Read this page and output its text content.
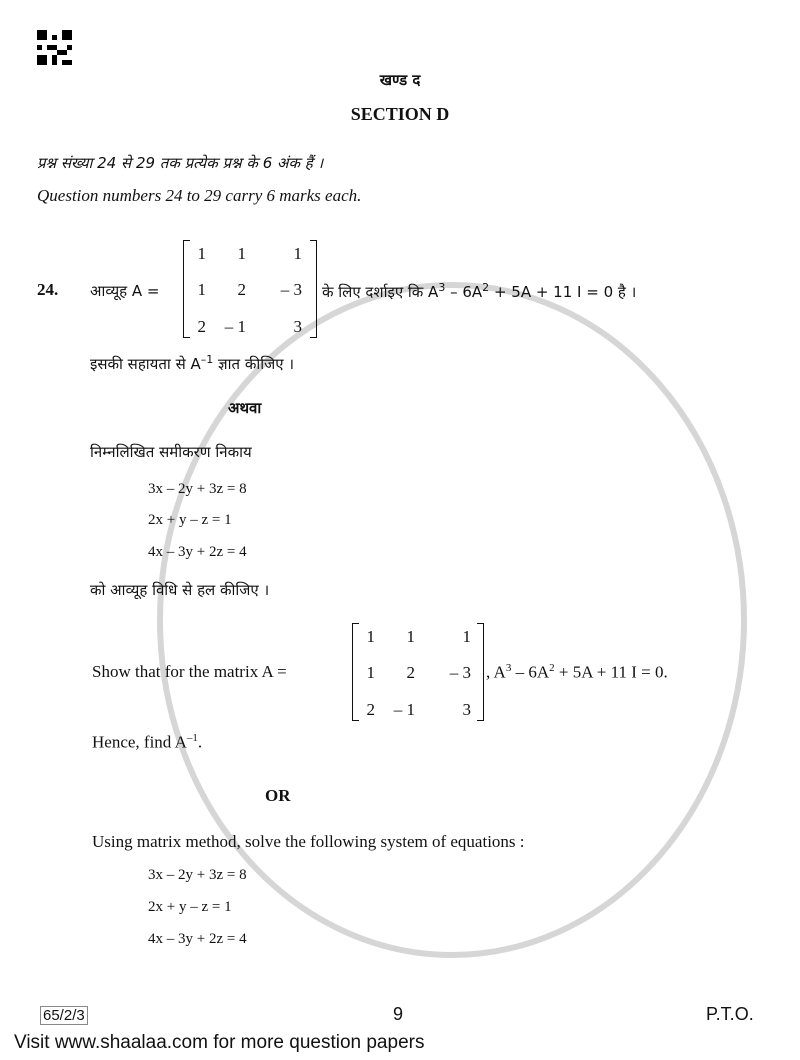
खण्ड द
SECTION D
प्रश्न संख्या 24 से 29 तक प्रत्येक प्रश्न के 6 अंक हैं ।
Question numbers 24 to 29 carry 6 marks each.
24. आव्यूह A =
1	1	1
1	2	– 3
2	– 1	3
के लिए दर्शाइए कि $A^3 - 6A^2 + 5A + 11$ I = 0 है ।
इसकी सहायता से $A^{-1}$ ज्ञात कीजिए ।
अथवा
निम्नलिखित समीकरण निकाय
3x – 2y + 3z = 8
2x + y – z = 1
4x – 3y + 2z = 4
को आव्यूह विधि से हल कीजिए ।
Show that for the matrix A =
1	1	1
1	2	– 3
2	– 1	3
, $A^3 - 6A^2 + 5A + 11$ I = 0.
Hence, find $A^{-1}$.
OR
Using matrix method, solve the following system of equations :
3x – 2y + 3z = 8
2x + y – z = 1
4x – 3y + 2z = 4
65/2/3	9	P.T.O.
Visit www.shaalaa.com for more question papers
